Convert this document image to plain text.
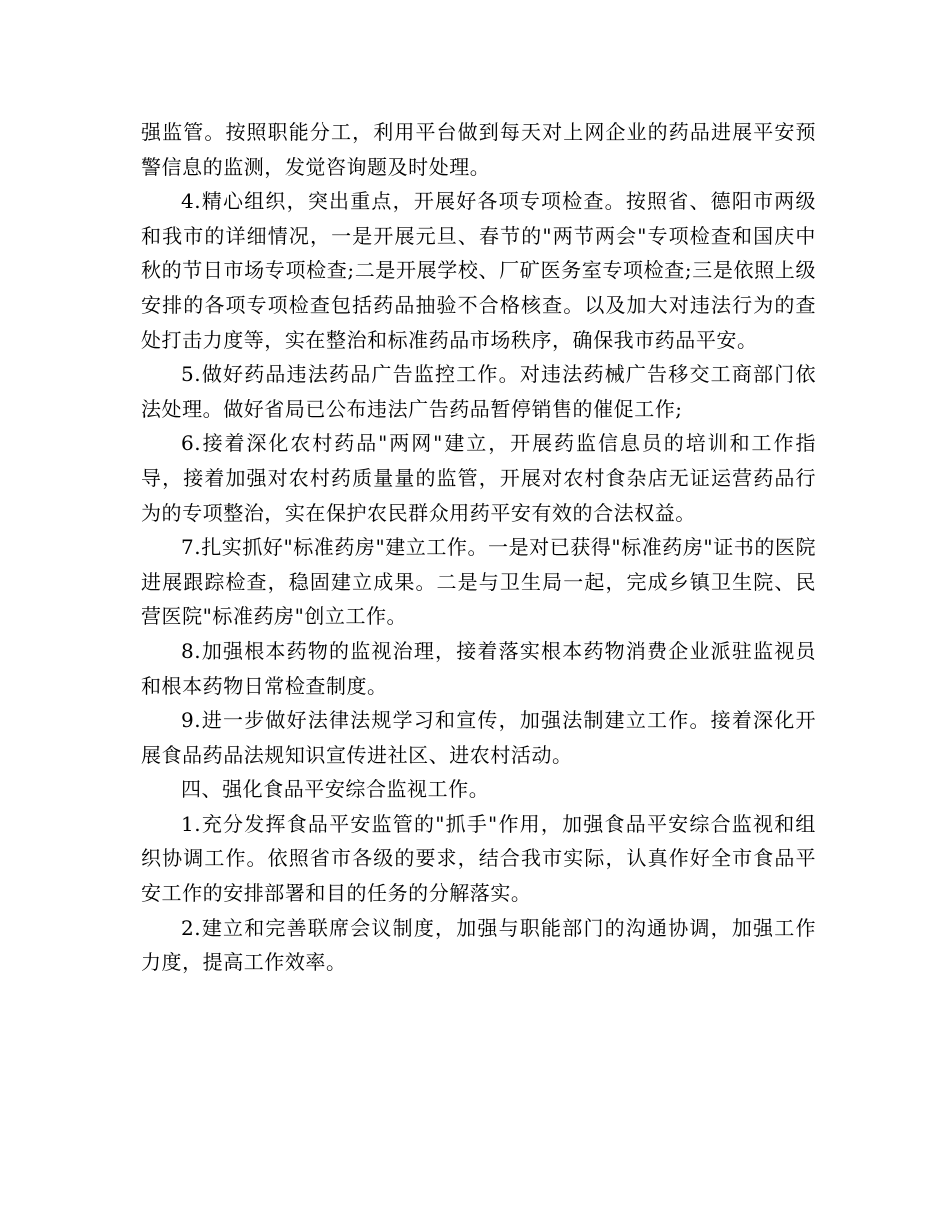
强监管。按照职能分工，利用平台做到每天对上网企业的药品进展平安预警信息的监测，发觉咨询题及时处理。

4.精心组织，突出重点，开展好各项专项检查。按照省、德阳市两级和我市的详细情况，一是开展元旦、春节的"两节两会"专项检查和国庆中秋的节日市场专项检查;二是开展学校、厂矿医务室专项检查;三是依照上级安排的各项专项检查包括药品抽验不合格核查。以及加大对违法行为的查处打击力度等，实在整治和标准药品市场秩序，确保我市药品平安。

5.做好药品违法药品广告监控工作。对违法药械广告移交工商部门依法处理。做好省局已公布违法广告药品暂停销售的催促工作;

6.接着深化农村药品"两网"建立，开展药监信息员的培训和工作指导，接着加强对农村药质量量的监管，开展对农村食杂店无证运营药品行为的专项整治，实在保护农民群众用药平安有效的合法权益。

7.扎实抓好"标准药房"建立工作。一是对已获得"标准药房"证书的医院进展跟踪检查，稳固建立成果。二是与卫生局一起，完成乡镇卫生院、民营医院"标准药房"创立工作。

8.加强根本药物的监视治理，接着落实根本药物消费企业派驻监视员和根本药物日常检查制度。

9.进一步做好法律法规学习和宣传，加强法制建立工作。接着深化开展食品药品法规知识宣传进社区、进农村活动。

四、强化食品平安综合监视工作。

1.充分发挥食品平安监管的"抓手"作用，加强食品平安综合监视和组织协调工作。依照省市各级的要求，结合我市实际，认真作好全市食品平安工作的安排部署和目的任务的分解落实。

2.建立和完善联席会议制度，加强与职能部门的沟通协调，加强工作力度，提高工作效率。
